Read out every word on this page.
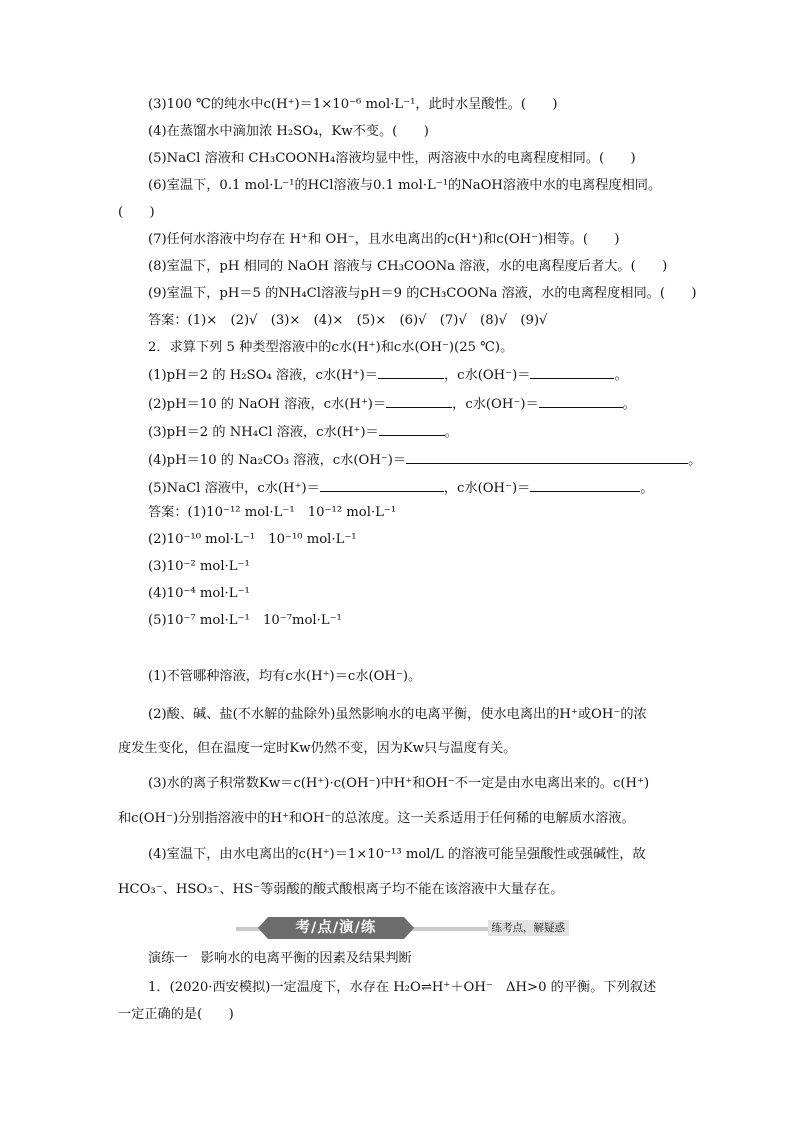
(3)100 ℃的纯水中c(H⁺)＝1×10⁻⁶ mol·L⁻¹，此时水呈酸性。(　　)
(4)在蒸馏水中滴加浓 H₂SO₄，Kw不变。(　　)
(5)NaCl 溶液和 CH₃COONH₄溶液均显中性，两溶液中水的电离程度相同。(　　)
(6)室温下，0.1 mol·L⁻¹的HCl溶液与0.1 mol·L⁻¹的NaOH溶液中水的电离程度相同。
(　　)
(7)任何水溶液中均存在 H⁺和 OH⁻，且水电离出的c(H⁺)和c(OH⁻)相等。(　　)
(8)室温下，pH 相同的 NaOH 溶液与 CH₃COONa 溶液，水的电离程度后者大。(　　)
(9)室温下，pH＝5 的NH₄Cl溶液与pH＝9 的CH₃COONa 溶液，水的电离程度相同。(　　)
答案：(1)×　(2)√　(3)×　(4)×　(5)×　(6)√　(7)√　(8)√　(9)√
2．求算下列 5 种类型溶液中的c水(H⁺)和c水(OH⁻)(25 ℃)。
(1)pH＝2 的 H₂SO₄ 溶液，c水(H⁺)＝	，c水(OH⁻)＝	。
(2)pH＝10 的 NaOH 溶液，c水(H⁺)＝	，c水(OH⁻)＝	。
(3)pH＝2 的 NH₄Cl 溶液，c水(H⁺)＝	。
(4)pH＝10 的 Na₂CO₃ 溶液，c水(OH⁻)＝	。
(5)NaCl 溶液中，c水(H⁺)＝	，c水(OH⁻)＝	。
答案：(1)10⁻¹² mol·L⁻¹　10⁻¹² mol·L⁻¹
(2)10⁻¹⁰ mol·L⁻¹　10⁻¹⁰ mol·L⁻¹
(3)10⁻² mol·L⁻¹
(4)10⁻⁴ mol·L⁻¹
(5)10⁻⁷ mol·L⁻¹　10⁻⁷mol·L⁻¹
(1)不管哪种溶液，均有c水(H⁺)＝c水(OH⁻)。
(2)酸、碱、盐(不水解的盐除外)虽然影响水的电离平衡，使水电离出的H⁺或OH⁻的浓
度发生变化，但在温度一定时Kw仍然不变，因为Kw只与温度有关。
(3)水的离子积常数Kw＝c(H⁺)·c(OH⁻)中H⁺和OH⁻不一定是由水电离出来的。c(H⁺)
和c(OH⁻)分别指溶液中的H⁺和OH⁻的总浓度。这一关系适用于任何稀的电解质水溶液。
(4)室温下，由水电离出的c(H⁺)＝1×10⁻¹³ mol/L 的溶液可能呈强酸性或强碱性，故
HCO₃⁻、HSO₃⁻、HS⁻等弱酸的酸式酸根离子均不能在该溶液中大量存在。
考/点/演/练	练考点，解疑惑
演练一　影响水的电离平衡的因素及结果判断
1．(2020·西安模拟)一定温度下，水存在 H₂O⇌H⁺＋OH⁻　ΔH>0 的平衡。下列叙述
一定正确的是(　　)
